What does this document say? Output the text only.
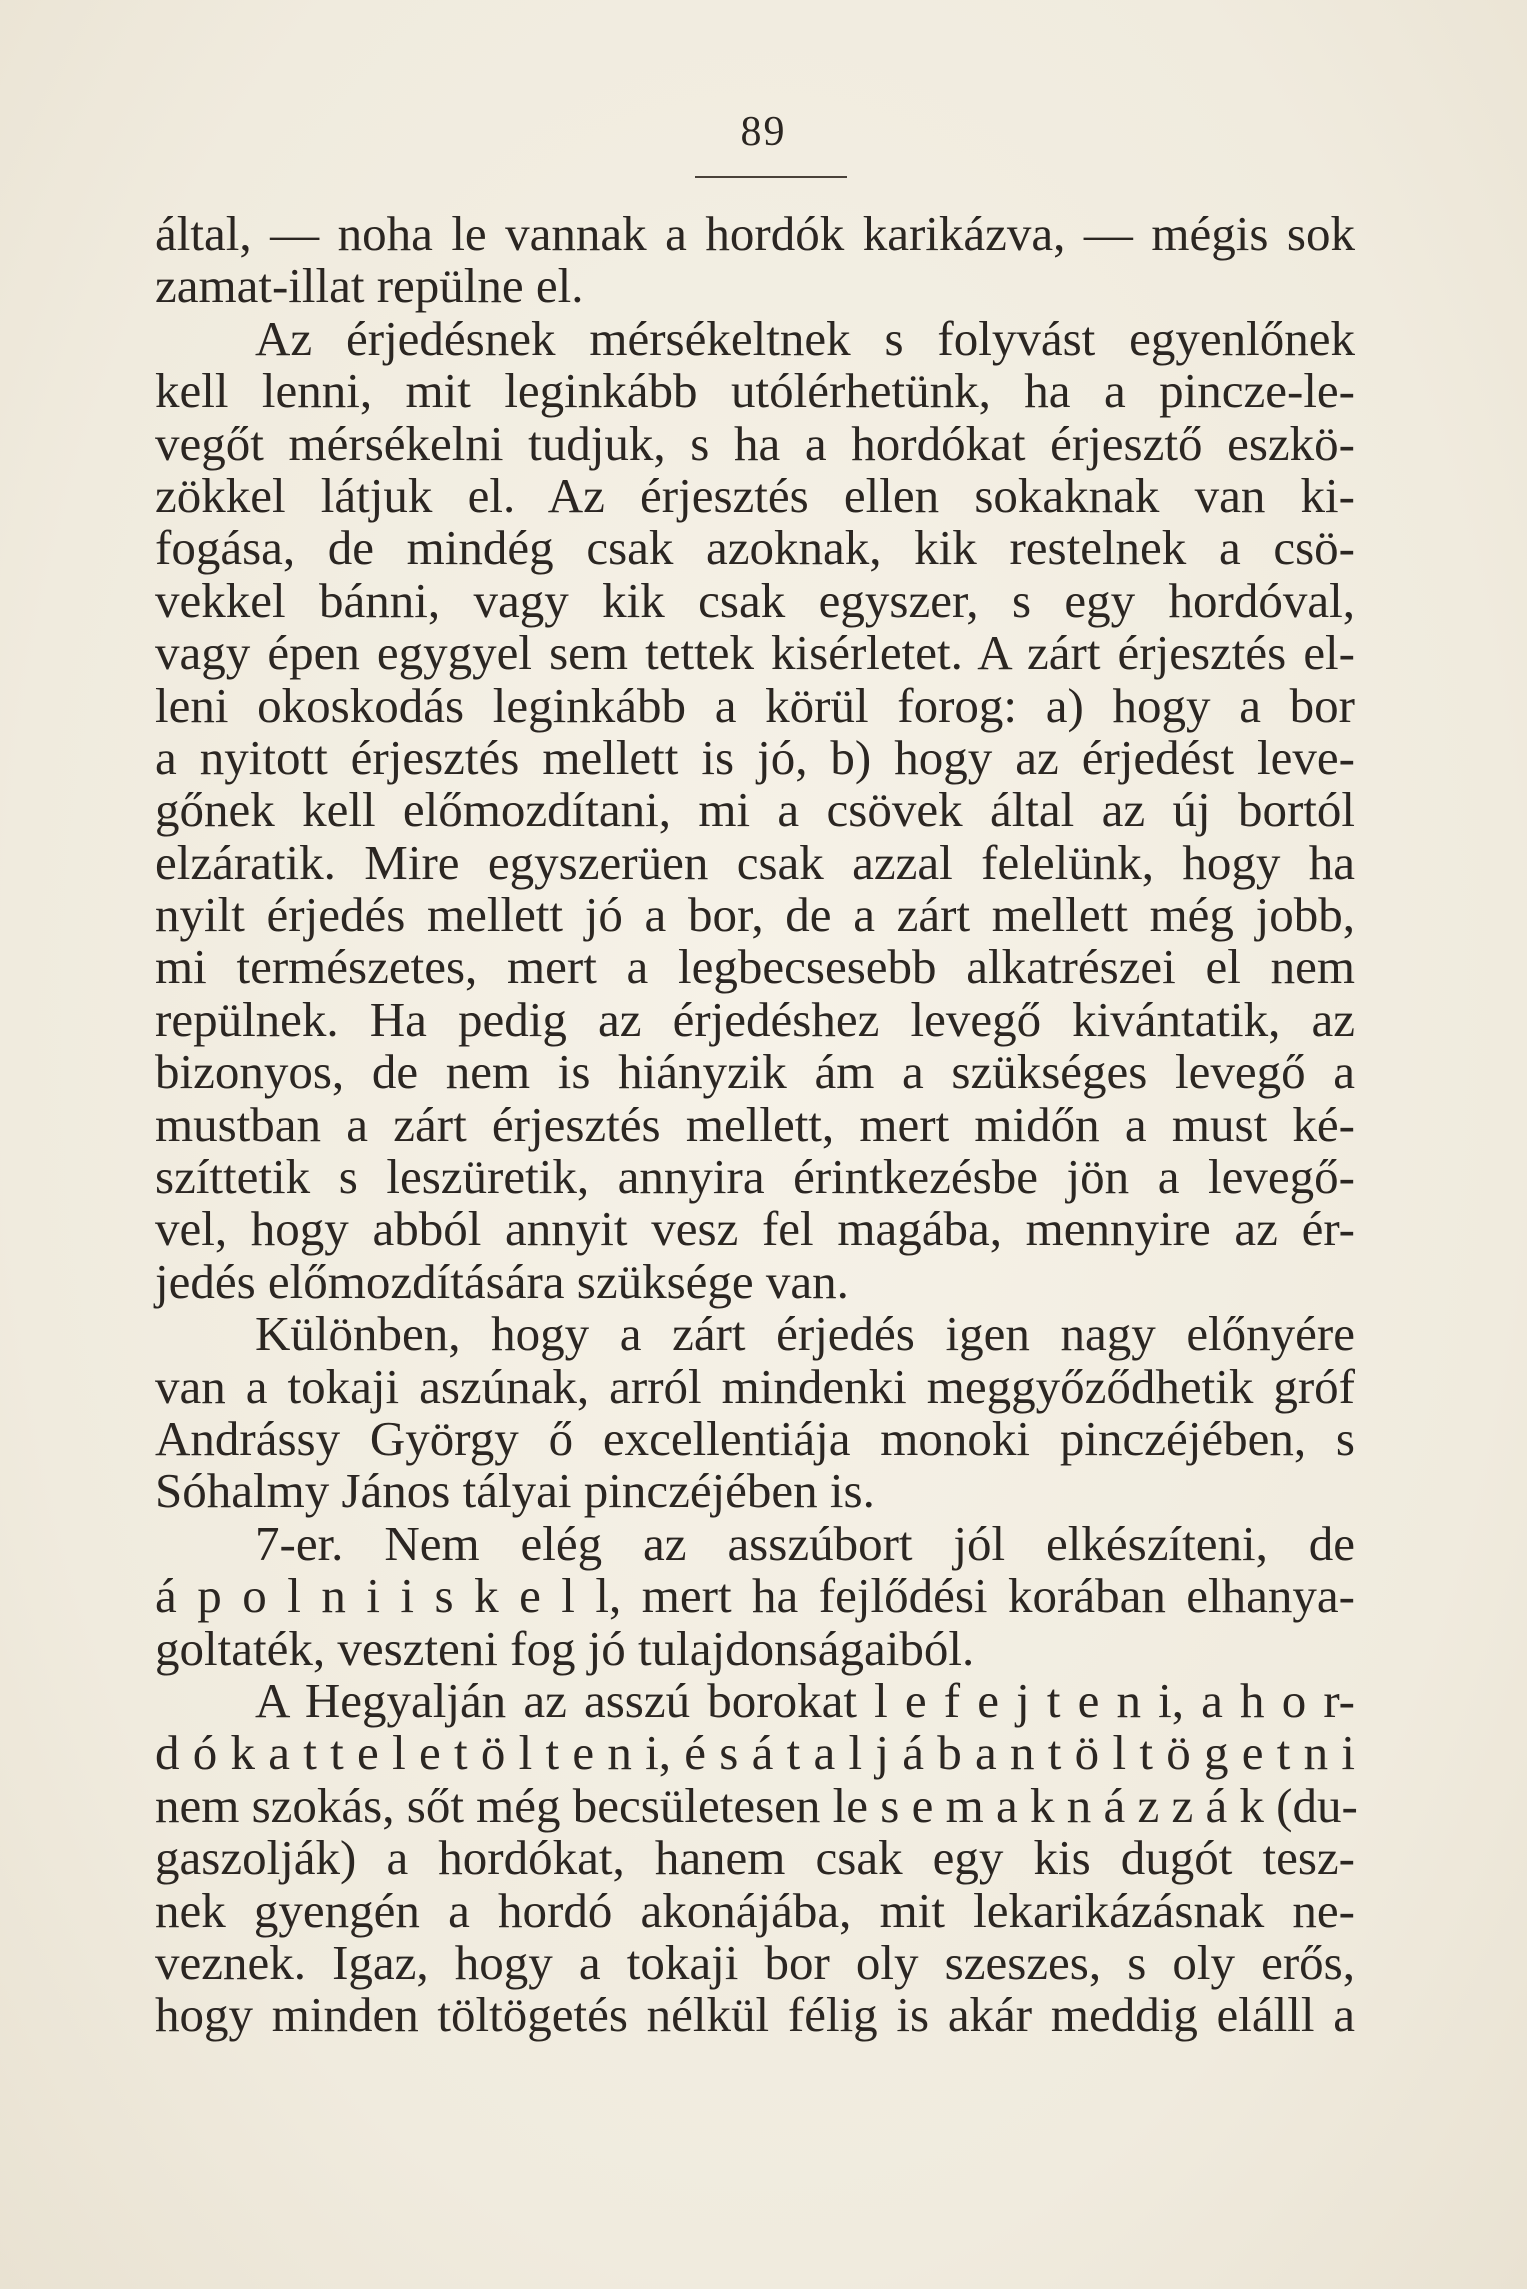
89
által, — noha le vannak a hordók karikázva, — mégis sok
zamat-illat repülne el.
Az érjedésnek mérsékeltnek s folyvást egyenlőnek
kell lenni, mit leginkább utólérhetünk, ha a pincze-le-
vegőt mérsékelni tudjuk, s ha a hordókat érjesztő eszkö-
zökkel látjuk el. Az érjesztés ellen sokaknak van ki-
fogása, de mindég csak azoknak, kik restelnek a csö-
vekkel bánni, vagy kik csak egyszer, s egy hordóval,
vagy épen egygyel sem tettek kisérletet. A zárt érjesztés el-
leni okoskodás leginkább a körül forog: a) hogy a bor
a nyitott érjesztés mellett is jó, b) hogy az érjedést leve-
gőnek kell előmozdítani, mi a csövek által az új bortól
elzáratik. Mire egyszerüen csak azzal felelünk, hogy ha
nyilt érjedés mellett jó a bor, de a zárt mellett még jobb,
mi természetes, mert a legbecsesebb alkatrészei el nem
repülnek. Ha pedig az érjedéshez levegő kivántatik, az
bizonyos, de nem is hiányzik ám a szükséges levegő a
mustban a zárt érjesztés mellett, mert midőn a must ké-
szíttetik s leszüretik, annyira érintkezésbe jön a levegő-
vel, hogy abból annyit vesz fel magába, mennyire az ér-
jedés előmozdítására szüksége van.
Különben, hogy a zárt érjedés igen nagy előnyére
van a tokaji aszúnak, arról mindenki meggyőződhetik gróf
Andrássy György ő excellentiája monoki pinczéjében, s
Sóhalmy János tályai pinczéjében is.
7-er. Nem elég az asszúbort jól elkészíteni, de
á p o l n i i s k e l l, mert ha fejlődési korában elhanya-
goltaték, veszteni fog jó tulajdonságaiból.
A Hegyalján az asszú borokat l e f e j t e n i, a h o r-
d ó k a t t e l e t ö l t e n i, é s á t a l j á b a n t ö l t ö g e t n i
nem szokás, sőt még becsületesen le s e m a k n á z z á k (du-
gaszolják) a hordókat, hanem csak egy kis dugót tesz-
nek gyengén a hordó akonájába, mit lekarikázásnak ne-
veznek. Igaz, hogy a tokaji bor oly szeszes, s oly erős,
hogy minden töltögetés nélkül félig is akár meddig elálll a
